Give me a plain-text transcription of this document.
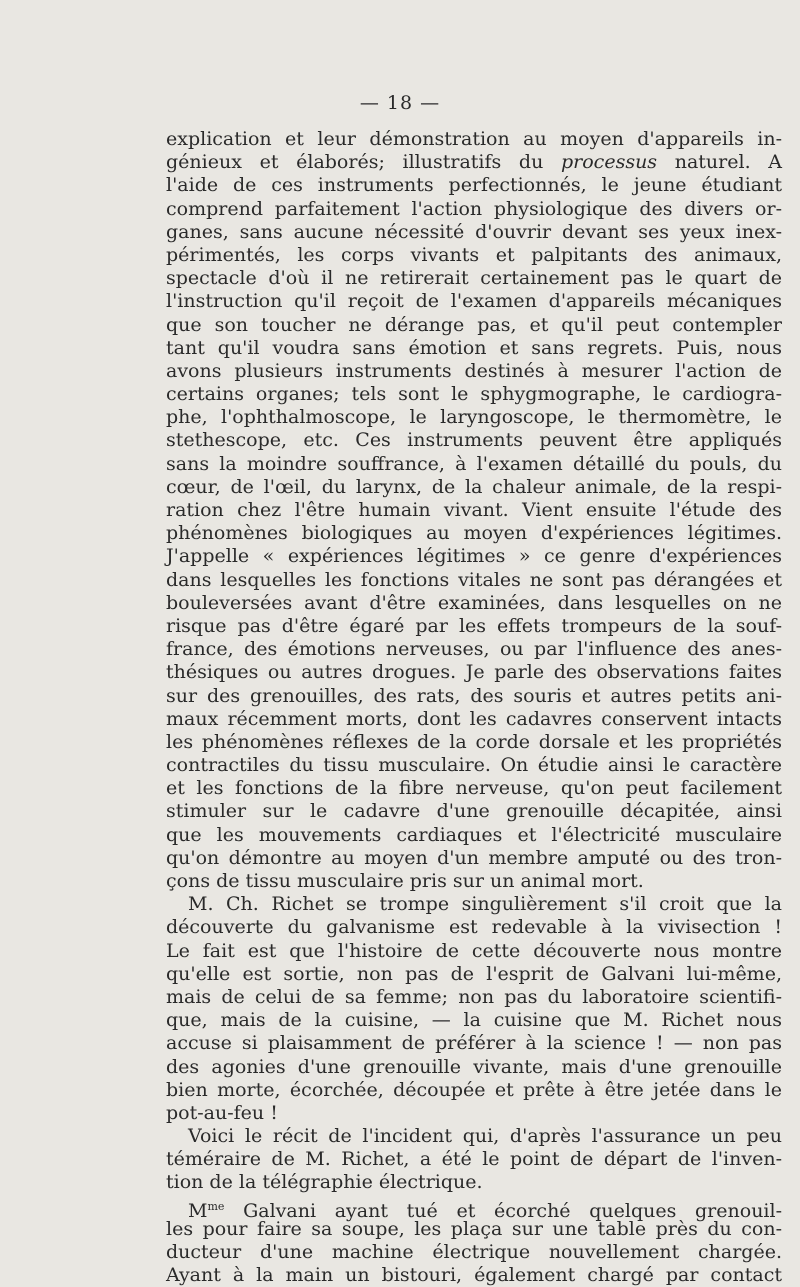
— 18 —
explication et leur démonstration au moyen d'appareils in-
génieux et élaborés; illustratifs du processus naturel. A
l'aide de ces instruments perfectionnés, le jeune étudiant
comprend parfaitement l'action physiologique des divers or-
ganes, sans aucune nécessité d'ouvrir devant ses yeux inex-
périmentés, les corps vivants et palpitants des animaux,
spectacle d'où il ne retirerait certainement pas le quart de
l'instruction qu'il reçoit de l'examen d'appareils mécaniques
que son toucher ne dérange pas, et qu'il peut contempler
tant qu'il voudra sans émotion et sans regrets. Puis, nous
avons plusieurs instruments destinés à mesurer l'action de
certains organes; tels sont le sphygmographe, le cardiogra-
phe, l'ophthalmoscope, le laryngoscope, le thermomètre, le
stethescope, etc. Ces instruments peuvent être appliqués
sans la moindre souffrance, à l'examen détaillé du pouls, du
cœur, de l'œil, du larynx, de la chaleur animale, de la respi-
ration chez l'être humain vivant. Vient ensuite l'étude des
phénomènes biologiques au moyen d'expériences légitimes.
J'appelle « expériences légitimes » ce genre d'expériences
dans lesquelles les fonctions vitales ne sont pas dérangées et
bouleversées avant d'être examinées, dans lesquelles on ne
risque pas d'être égaré par les effets trompeurs de la souf-
france, des émotions nerveuses, ou par l'influence des anes-
thésiques ou autres drogues. Je parle des observations faites
sur des grenouilles, des rats, des souris et autres petits ani-
maux récemment morts, dont les cadavres conservent intacts
les phénomènes réflexes de la corde dorsale et les propriétés
contractiles du tissu musculaire. On étudie ainsi le caractère
et les fonctions de la fibre nerveuse, qu'on peut facilement
stimuler sur le cadavre d'une grenouille décapitée, ainsi
que les mouvements cardiaques et l'électricité musculaire
qu'on démontre au moyen d'un membre amputé ou des tron-
çons de tissu musculaire pris sur un animal mort.
M. Ch. Richet se trompe singulièrement s'il croit que la
découverte du galvanisme est redevable à la vivisection !
Le fait est que l'histoire de cette découverte nous montre
qu'elle est sortie, non pas de l'esprit de Galvani lui-même,
mais de celui de sa femme; non pas du laboratoire scientifi-
que, mais de la cuisine, — la cuisine que M. Richet nous
accuse si plaisamment de préférer à la science ! — non pas
des agonies d'une grenouille vivante, mais d'une grenouille
bien morte, écorchée, découpée et prête à être jetée dans le
pot-au-feu !
Voici le récit de l'incident qui, d'après l'assurance un peu
téméraire de M. Richet, a été le point de départ de l'inven-
tion de la télégraphie électrique.
$M^{me}$ Galvani ayant tué et écorché quelques grenouil-
les pour faire sa soupe, les plaça sur une table près du con-
ducteur d'une machine électrique nouvellement chargée.
Ayant à la main un bistouri, également chargé par contact
